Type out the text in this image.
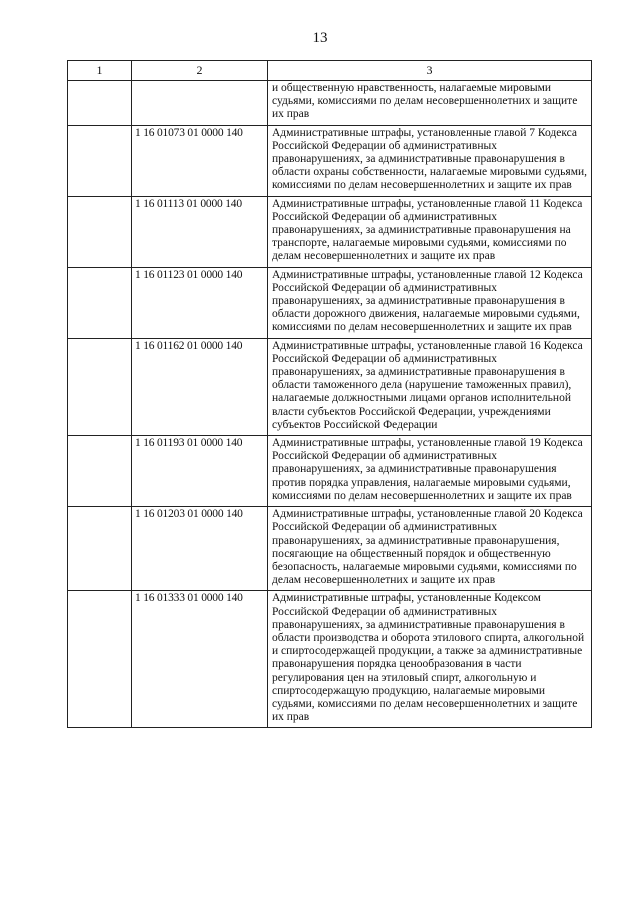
13
1	2	3
		и общественную нравственность, налагаемые мировыми судьями, комиссиями по делам несовершеннолетних и защите их прав
	1 16 01073 01 0000 140	Административные штрафы, установленные главой 7 Кодекса Российской Федерации об административных правонарушениях, за административные правонарушения в области охраны собственности, налагаемые мировыми судьями, комиссиями по делам несовершеннолетних и защите их прав
	1 16 01113 01 0000 140	Административные штрафы, установленные главой 11 Кодекса Российской Федерации об административных правонарушениях, за административные правонарушения на транспорте, налагаемые мировыми судьями, комиссиями по делам несовершеннолетних и защите их прав
	1 16 01123 01 0000 140	Административные штрафы, установленные главой 12 Кодекса Российской Федерации об административных правонарушениях, за административные правонарушения в области дорожного движения, налагаемые мировыми судьями, комиссиями по делам несовершеннолетних и защите их прав
	1 16 01162 01 0000 140	Административные штрафы, установленные главой 16 Кодекса Российской Федерации об административных правонарушениях, за административные правонарушения в области таможенного дела (нарушение таможенных правил), налагаемые должностными лицами органов исполнительной власти субъектов Российской Федерации, учреждениями субъектов Российской Федерации
	1 16 01193 01 0000 140	Административные штрафы, установленные главой 19 Кодекса Российской Федерации об административных правонарушениях, за административные правонарушения против порядка управления, налагаемые мировыми судьями, комиссиями по делам несовершеннолетних и защите их прав
	1 16 01203 01 0000 140	Административные штрафы, установленные главой 20 Кодекса Российской Федерации об административных правонарушениях, за административные правонарушения, посягающие на общественный порядок и общественную безопасность, налагаемые мировыми судьями, комиссиями по делам несовершеннолетних и защите их прав
	1 16 01333 01 0000 140	Административные штрафы, установленные Кодексом Российской Федерации об административных правонарушениях, за административные правонарушения в области производства и оборота этилового спирта, алкогольной и спиртосодержащей продукции, а также за административные правонарушения порядка ценообразования в части регулирования цен на этиловый спирт, алкогольную и спиртосодержащую продукцию, налагаемые мировыми судьями, комиссиями по делам несовершеннолетних и защите их прав
